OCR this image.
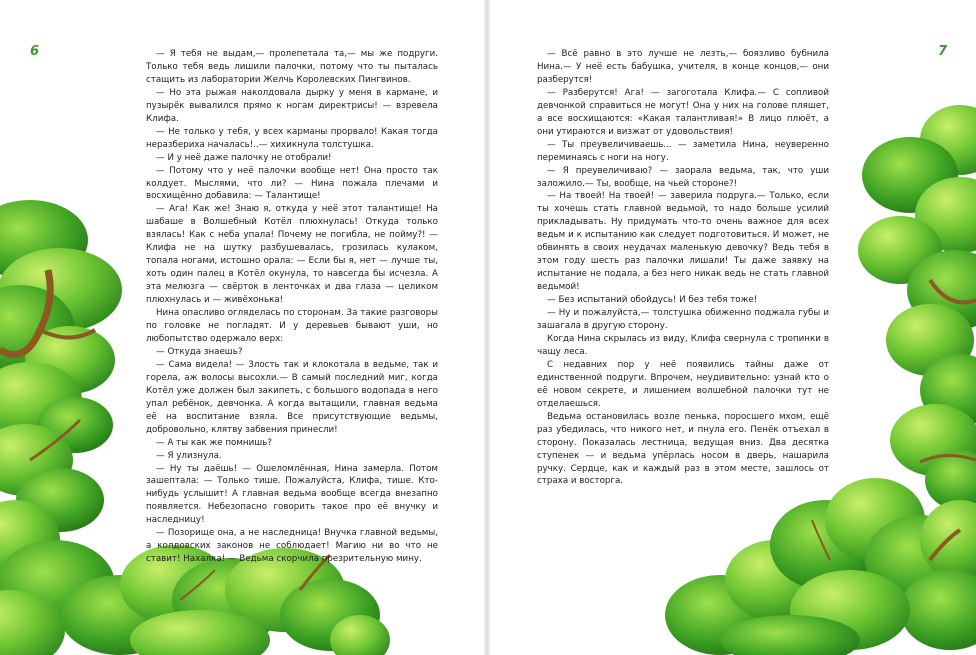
6	— Я тебя не выдам,— пролепетала та,— мы же подруги. Только тебя ведь лишили палочки, потому что ты пыталась стащить из лаборатории Желчь Королевских Пингвинов.

— Но эта рыжая наколдовала дырку у меня в кармане, и пузырёк вывалился прямо к ногам директрисы! — взревела Клифа.

— Не только у тебя, у всех карманы прорвало! Какая тогда неразбериха началась!..— хихикнула толстушка.

— И у неё даже палочку не отобрали!

— Потому что у неё палочки вообще нет! Она просто так колдует. Мыслями, что ли? — Нина пожала плечами и восхищённо добавила: — Талантище!

— Ага! Как же! Знаю я, откуда у неё этот талантище! На шабаше в Волшебный Котёл плюхнулась! Откуда только взялась! Как с неба упала! Почему не погибла, не пойму?! — Клифа не на шутку разбушевалась, грозилась кулаком, топала ногами, истошно орала: — Если бы я, нет — лучше ты, хоть один палец в Котёл окунула, то навсегда бы исчезла. А эта мелюзга — свёрток в ленточках и два глаза — целиком плюхнулась и — живёхонька!

Нина опасливо огляделась по сторонам. За такие разговоры по головке не погладят. И у деревьев бывают уши, но любопытство одержало верх:

— Откуда знаешь?

— Сама видела! — Злость так и клокотала в ведьме, так и горела, аж волосы высохли.— В самый последний миг, когда Котёл уже должен был закипеть, с большого водопада в него упал ребёнок, девчонка. А когда вытащили, главная ведьма её на воспитание взяла. Все присутствующие ведьмы, добровольно, клятву забвения принесли!

— А ты как же помнишь?

— Я улизнула.

— Ну ты даёшь! — Ошеломлённая, Нина замерла. Потом зашептала: — Только тише. Пожалуйста, Клифа, тише. Кто-нибудь услышит! А главная ведьма вообще всегда внезапно появляется. Небезопасно говорить такое про её внучку и наследницу!

— Позорище она, а не наследница! Внучка главной ведьмы, а колдовских законов не соблюдает! Магию ни во что не ставит! Нахалка! — Ведьма скорчила презрительную мину.

7

— Всё равно в это лучше не лезть,— боязливо бубнила Нина.— У неё есть бабушка, учителя, в конце концов,— они разберутся!

— Разберутся! Ага! — загоготала Клифа.— С сопливой девчонкой справиться не могут! Она у них на голове пляшет, а все восхищаются: «Какая талантливая!» В лицо плюёт, а они утираются и визжат от удовольствия!

— Ты преувеличиваешь... — заметила Нина, неуверенно переминаясь с ноги на ногу.

— Я преувеличиваю? — заорала ведьма, так, что уши заложило.— Ты, вообще, на чьей стороне?!

— На твоей! На твоей! — заверила подруга.— Только, если ты хочешь стать главной ведьмой, то надо больше усилий прикладывать. Ну придумать что-то очень важное для всех ведьм и к испытанию как следует подготовиться. И может, не обвинять в своих неудачах маленькую девочку? Ведь тебя в этом году шесть раз палочки лишали! Ты даже заявку на испытание не подала, а без него никак ведь не стать главной ведьмой!

— Без испытаний обойдусь! И без тебя тоже!

— Ну и пожалуйста,— толстушка обиженно поджала губы и зашагала в другую сторону.

Когда Нина скрылась из виду, Клифа свернула с тропинки в чащу леса.

С недавних пор у неё появились тайны даже от единственной подруги. Впрочем, неудивительно: узнай кто о её новом секрете, и лишением волшебной палочки тут не отделаешься.

Ведьма остановилась возле пенька, поросшего мхом, ещё раз убедилась, что никого нет, и пнула его. Пенёк отъехал в сторону. Показалась лестница, ведущая вниз. Два десятка ступенек — и ведьма упёрлась носом в дверь, нашарила ручку. Сердце, как и каждый раз в этом месте, зашлось от страха и восторга.
